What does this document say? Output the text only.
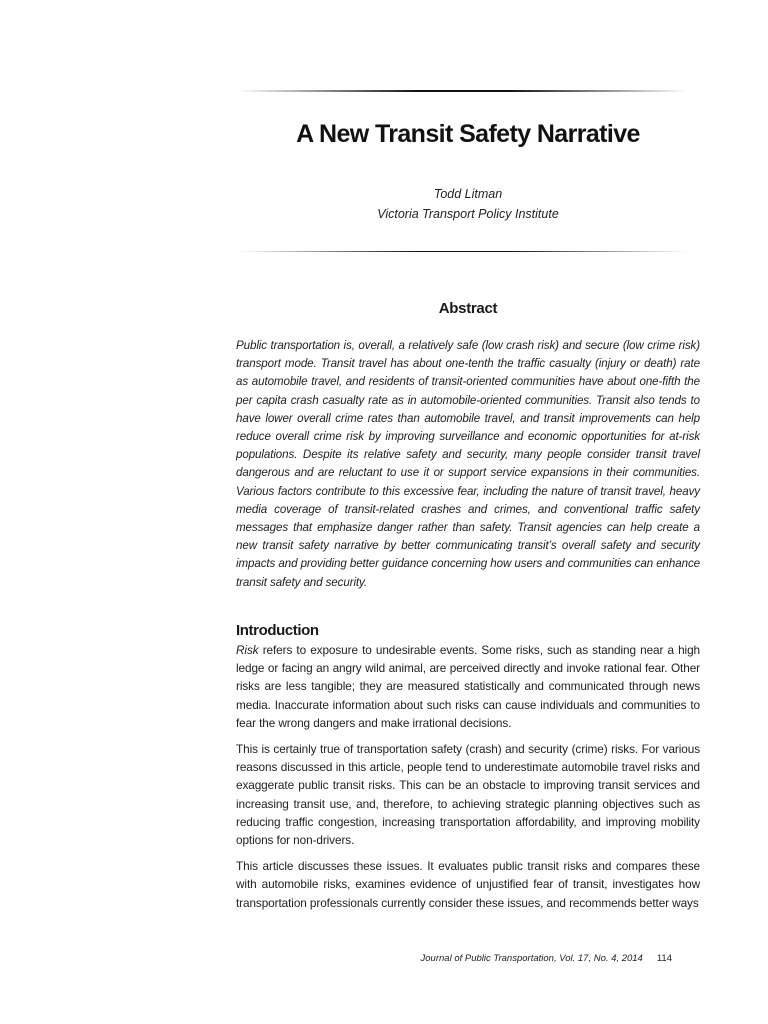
A New Transit Safety Narrative
Todd Litman
Victoria Transport Policy Institute
Abstract

Public transportation is, overall, a relatively safe (low crash risk) and secure (low crime risk) transport mode. Transit travel has about one-tenth the traffic casualty (injury or death) rate as automobile travel, and residents of transit-oriented communities have about one-fifth the per capita crash casualty rate as in automobile-oriented communities. Transit also tends to have lower overall crime rates than automobile travel, and transit improvements can help reduce overall crime risk by improving surveillance and economic opportunities for at-risk populations. Despite its relative safety and security, many people consider transit travel dangerous and are reluctant to use it or support service expansions in their communities. Various factors contribute to this excessive fear, including the nature of transit travel, heavy media coverage of transit-related crashes and crimes, and conventional traffic safety messages that emphasize danger rather than safety. Transit agencies can help create a new transit safety narrative by better communicating transit’s overall safety and security impacts and providing better guidance concerning how users and communities can enhance transit safety and security.

Introduction

Risk refers to exposure to undesirable events. Some risks, such as standing near a high ledge or facing an angry wild animal, are perceived directly and invoke rational fear. Other risks are less tangible; they are measured statistically and communicated through news media. Inaccurate information about such risks can cause individuals and communities to fear the wrong dangers and make irrational decisions.

This is certainly true of transportation safety (crash) and security (crime) risks. For various reasons discussed in this article, people tend to underestimate automobile travel risks and exaggerate public transit risks. This can be an obstacle to improving transit services and increasing transit use, and, therefore, to achieving strategic planning objectives such as reducing traffic congestion, increasing transportation affordability, and improving mobility options for non-drivers.

This article discusses these issues. It evaluates public transit risks and compares these with automobile risks, examines evidence of unjustified fear of transit, investigates how transportation professionals currently consider these issues, and recommends better ways

Journal of Public Transportation, Vol. 17, No. 4, 2014 114
